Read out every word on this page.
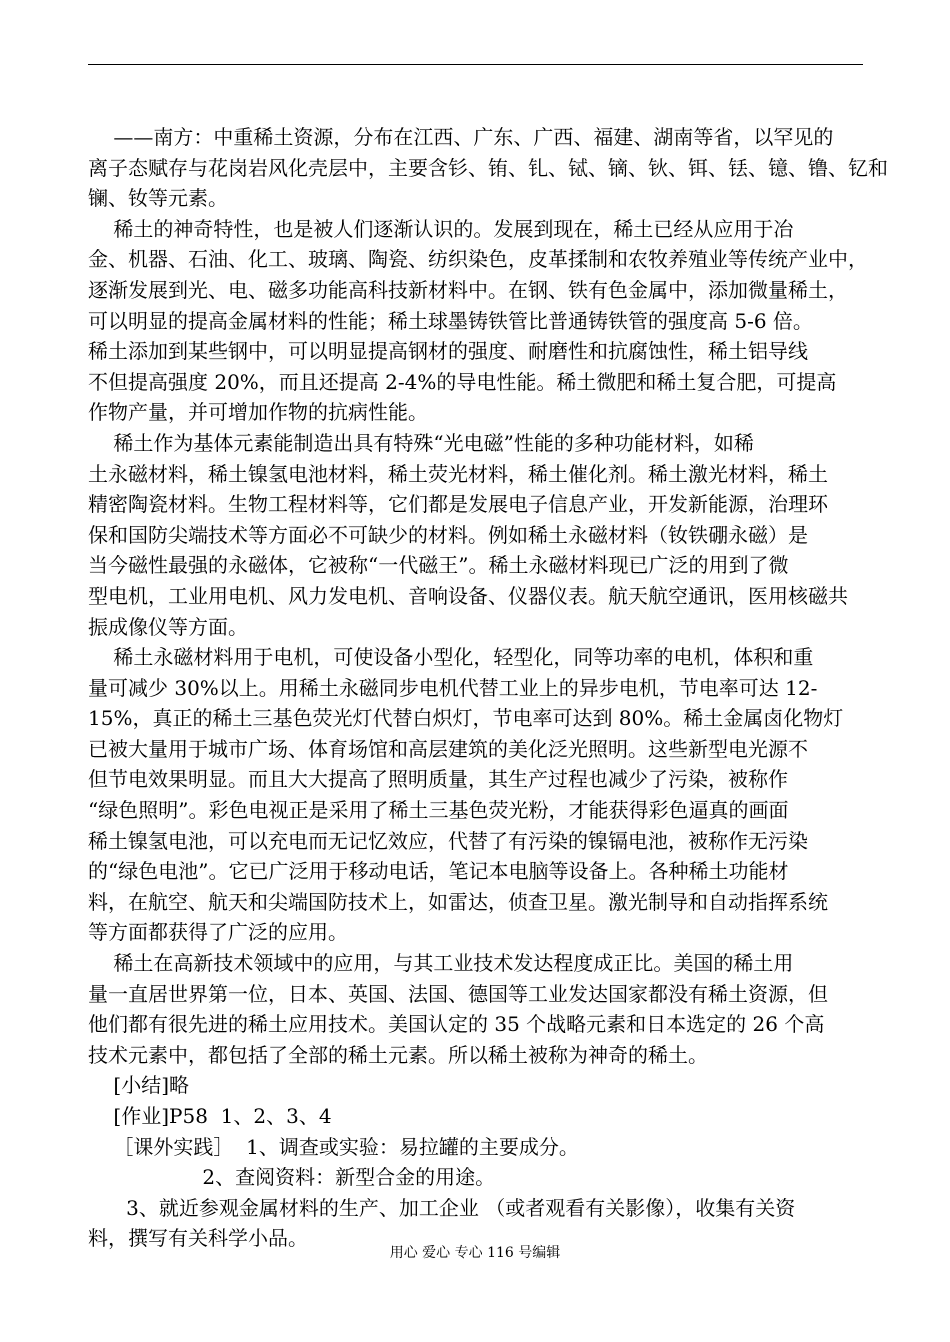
——南方：中重稀土资源，分布在江西、广东、广西、福建、湖南等省，以罕见的
离子态赋存与花岗岩风化壳层中，主要含钐、铕、钆、铽、镝、钬、铒、铥、镱、镥、钇和
镧、钕等元素。
稀土的神奇特性，也是被人们逐渐认识的。发展到现在，稀土已经从应用于冶
金、机器、石油、化工、玻璃、陶瓷、纺织染色，皮革揉制和农牧养殖业等传统产业中，
逐渐发展到光、电、磁多功能高科技新材料中。在钢、铁有色金属中，添加微量稀土，
可以明显的提高金属材料的性能；稀土球墨铸铁管比普通铸铁管的强度高 5-6 倍。
稀土添加到某些钢中，可以明显提高钢材的强度、耐磨性和抗腐蚀性，稀土铝导线
不但提高强度 20%，而且还提高 2-4%的导电性能。稀土微肥和稀土复合肥，可提高
作物产量，并可增加作物的抗病性能。
稀土作为基体元素能制造出具有特殊“光电磁”性能的多种功能材料，如稀
土永磁材料，稀土镍氢电池材料，稀土荧光材料，稀土催化剂。稀土激光材料，稀土
精密陶瓷材料。生物工程材料等，它们都是发展电子信息产业，开发新能源，治理环
保和国防尖端技术等方面必不可缺少的材料。例如稀土永磁材料（钕铁硼永磁）是
当今磁性最强的永磁体，它被称“一代磁王”。稀土永磁材料现已广泛的用到了微
型电机，工业用电机、风力发电机、音响设备、仪器仪表。航天航空通讯，医用核磁共
振成像仪等方面。
稀土永磁材料用于电机，可使设备小型化，轻型化，同等功率的电机，体积和重
量可减少 30%以上。用稀土永磁同步电机代替工业上的异步电机，节电率可达 12-
15%，真正的稀土三基色荧光灯代替白炽灯，节电率可达到 80%。稀土金属卤化物灯
已被大量用于城市广场、体育场馆和高层建筑的美化泛光照明。这些新型电光源不
但节电效果明显。而且大大提高了照明质量，其生产过程也减少了污染，被称作
“绿色照明”。彩色电视正是采用了稀土三基色荧光粉，才能获得彩色逼真的画面
稀土镍氢电池，可以充电而无记忆效应，代替了有污染的镍镉电池，被称作无污染
的“绿色电池”。它已广泛用于移动电话，笔记本电脑等设备上。各种稀土功能材
料，在航空、航天和尖端国防技术上，如雷达，侦查卫星。激光制导和自动指挥系统
等方面都获得了广泛的应用。
稀土在高新技术领域中的应用，与其工业技术发达程度成正比。美国的稀土用
量一直居世界第一位，日本、英国、法国、德国等工业发达国家都没有稀土资源，但
他们都有很先进的稀土应用技术。美国认定的 35 个战略元素和日本选定的 26 个高
技术元素中，都包括了全部的稀土元素。所以稀土被称为神奇的稀土。
[小结]略
[作业]P58  1、2、3、4
［课外实践］  1、调查或实验：易拉罐的主要成分。
2、查阅资料：新型合金的用途。
3、就近参观金属材料的生产、加工企业 （或者观看有关影像），收集有关资
料，撰写有关科学小品。
用心 爱心 专心 116 号编辑
